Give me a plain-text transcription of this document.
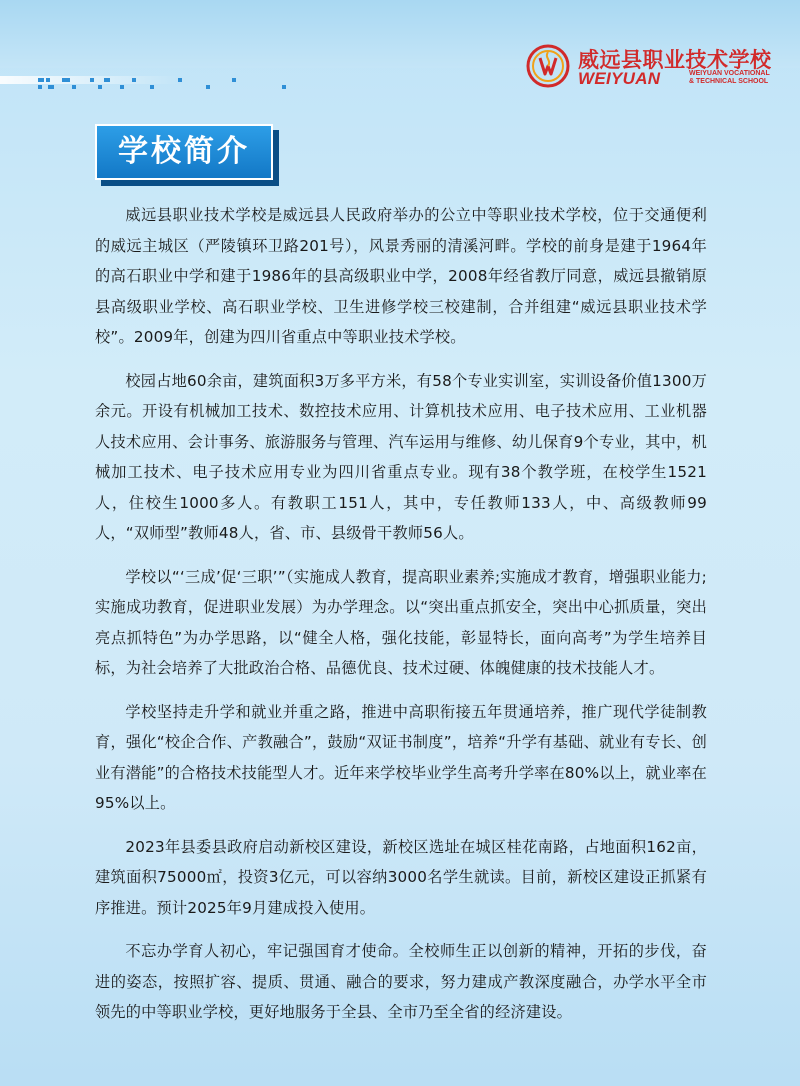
威远县职业技术学校
WEIYUAN	WEIYUAN VOCATIONAL
& TECHNICAL SCHOOL
学校简介

威远县职业技术学校是威远县人民政府举办的公立中等职业技术学校，位于交通便利的威远主城区（严陵镇环卫路201号），风景秀丽的清溪河畔。学校的前身是建于1964年的高石职业中学和建于1986年的县高级职业中学，2008年经省教厅同意，威远县撤销原县高级职业学校、高石职业学校、卫生进修学校三校建制，合并组建“威远县职业技术学校”。2009年，创建为四川省重点中等职业技术学校。

校园占地60余亩，建筑面积3万多平方米，有58个专业实训室，实训设备价值1300万余元。开设有机械加工技术、数控技术应用、计算机技术应用、电子技术应用、工业机器人技术应用、会计事务、旅游服务与管理、汽车运用与维修、幼儿保育9个专业，其中，机械加工技术、电子技术应用专业为四川省重点专业。现有38个教学班，在校学生1521人，住校生1000多人。有教职工151人，其中，专任教师133人，中、高级教师99人，“双师型”教师48人，省、市、县级骨干教师56人。

学校以“‘三成’促‘三职’”（实施成人教育，提高职业素养;实施成才教育，增强职业能力;实施成功教育，促进职业发展）为办学理念。以“突出重点抓安全，突出中心抓质量，突出亮点抓特色”为办学思路，以“健全人格，强化技能，彰显特长，面向高考”为学生培养目标，为社会培养了大批政治合格、品德优良、技术过硬、体魄健康的技术技能人才。

学校坚持走升学和就业并重之路，推进中高职衔接五年贯通培养，推广现代学徒制教育，强化“校企合作、产教融合”，鼓励“双证书制度”，培养“升学有基础、就业有专长、创业有潜能”的合格技术技能型人才。近年来学校毕业学生高考升学率在80%以上，就业率在95%以上。

2023年县委县政府启动新校区建设，新校区选址在城区桂花南路，占地面积162亩，建筑面积75000㎡，投资3亿元，可以容纳3000名学生就读。目前，新校区建设正抓紧有序推进。预计2025年9月建成投入使用。

不忘办学育人初心，牢记强国育才使命。全校师生正以创新的精神，开拓的步伐，奋进的姿态，按照扩容、提质、贯通、融合的要求，努力建成产教深度融合，办学水平全市领先的中等职业学校，更好地服务于全县、全市乃至全省的经济建设。
